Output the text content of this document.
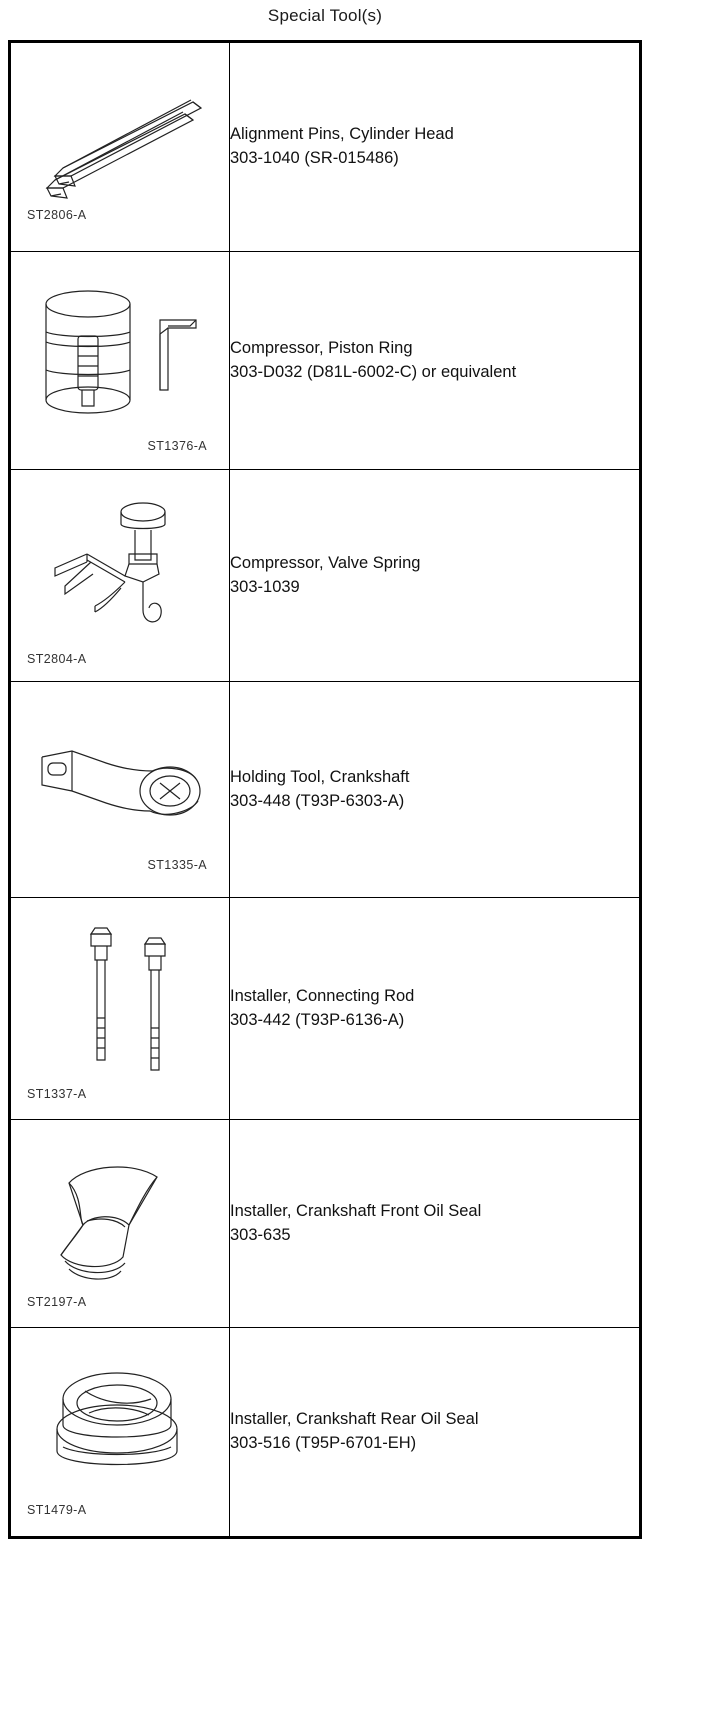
Special Tool(s)
ST2806-A	Alignment Pins, Cylinder Head
303-1040 (SR-015486)

ST1376-A	Compressor, Piston Ring
303-D032 (D81L-6002-C) or equivalent

ST2804-A	Compressor, Valve Spring
303-1039

ST1335-A	Holding Tool, Crankshaft
303-448 (T93P-6303-A)

ST1337-A	Installer, Connecting Rod
303-442 (T93P-6136-A)

ST2197-A	Installer, Crankshaft Front Oil Seal
303-635

ST1479-A	Installer, Crankshaft Rear Oil Seal
303-516 (T95P-6701-EH)
